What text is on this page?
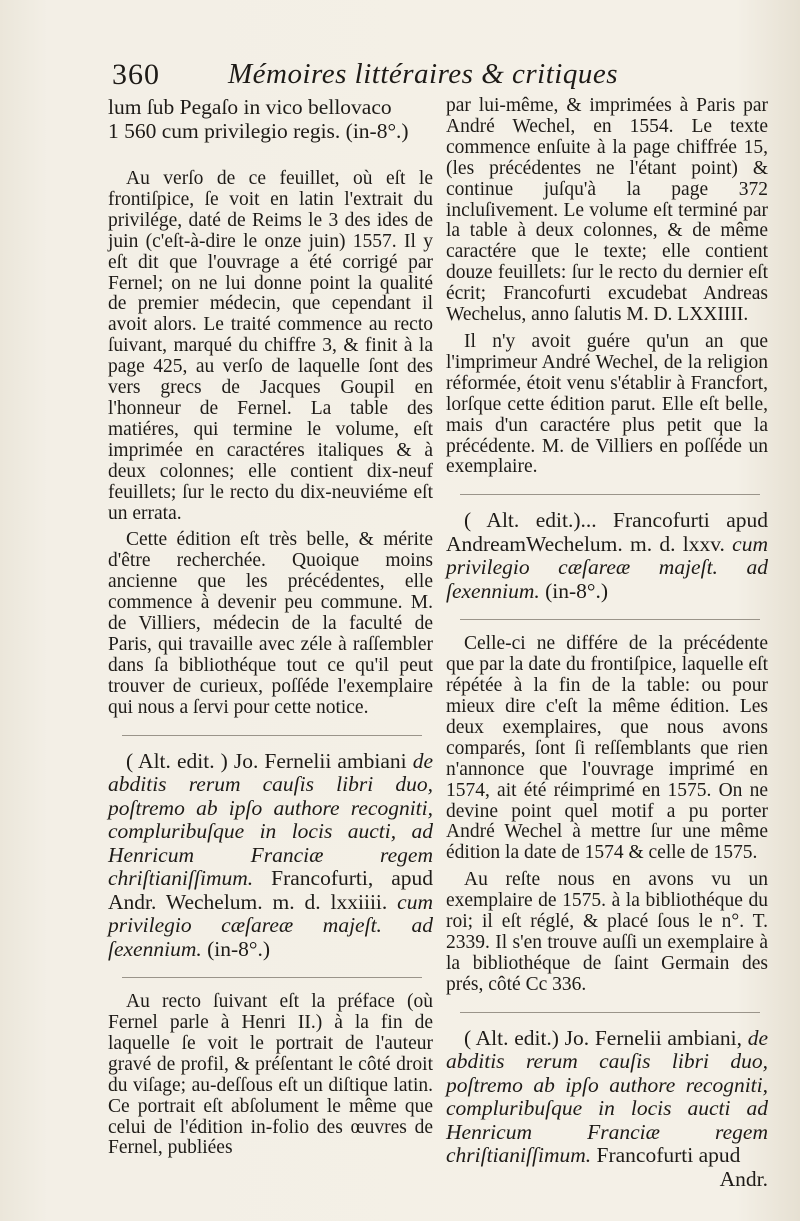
360 Mémoires littéraires & critiques

lum ſub Pegaſo in vico bellovaco
1 560 cum privilegio regis. (in-8°.)

Au verſo de ce feuillet, où eſt le frontiſpice, ſe voit en latin l'extrait du privilége, daté de Reims le 3 des ides de juin (c'eſt-à-dire le onze juin) 1557. Il y eſt dit que l'ouvrage a été corrigé par Fernel; on ne lui donne point la qualité de premier médecin, que cependant il avoit alors. Le traité commence au recto ſuivant, marqué du chiffre 3, & finit à la page 425, au verſo de laquelle ſont des vers grecs de Jacques Goupil en l'honneur de Fernel. La table des matiéres, qui termine le volume, eſt imprimée en caractéres italiques & à deux colonnes; elle contient dix-neuf feuillets; ſur le recto du dix-neuviéme eſt un errata.

Cette édition eſt très belle, & mérite d'être recherchée. Quoique moins ancienne que les précédentes, elle commence à devenir peu commune. M. de Villiers, médecin de la faculté de Paris, qui travaille avec zéle à raſſembler dans ſa bibliothéque tout ce qu'il peut trouver de curieux, poſſéde l'exemplaire qui nous a ſervi pour cette notice.

( Alt. edit. ) Jo. Fernelii ambiani de abditis rerum cauſis libri duo, poſtremo ab ipſo authore recogniti, compluribuſque in locis aucti, ad Henricum Franciæ regem chriſtianiſſimum. Francofurti, apud Andr. Wechelum. m. d. lxxiiii. cum privilegio cæſareæ majeſt. ad ſexennium. (in-8°.)

Au recto ſuivant eſt la préface (où Fernel parle à Henri II.) à la fin de laquelle ſe voit le portrait de l'auteur gravé de profil, & préſentant le côté droit du viſage; au-deſſous eſt un diſtique latin. Ce portrait eſt abſolument le même que celui de l'édition in-folio des œuvres de Fernel, publiées

par lui-même, & imprimées à Paris par André Wechel, en 1554. Le texte commence enſuite à la page chiffrée 15, (les précédentes ne l'étant point) & continue juſqu'à la page 372 incluſivement. Le volume eſt terminé par la table à deux colonnes, & de même caractére que le texte; elle contient douze feuillets: ſur le recto du dernier eſt écrit; Francofurti excudebat Andreas Wechelus, anno ſalutis M. D. LXXIIII.

Il n'y avoit guére qu'un an que l'imprimeur André Wechel, de la religion réformée, étoit venu s'établir à Francfort, lorſque cette édition parut. Elle eſt belle, mais d'un caractére plus petit que la précédente. M. de Villiers en poſſéde un exemplaire.

( Alt. edit.)... Francofurti apud AndreamWechelum. m. d. lxxv. cum privilegio cæſareæ majeſt. ad ſexennium. (in-8°.)

Celle-ci ne différe de la précédente que par la date du frontiſpice, laquelle eſt répétée à la fin de la table: ou pour mieux dire c'eſt la même édition. Les deux exemplaires, que nous avons comparés, ſont ſi reſſemblants que rien n'annonce que l'ouvrage imprimé en 1574, ait été réimprimé en 1575. On ne devine point quel motif a pu porter André Wechel à mettre ſur une même édition la date de 1574 & celle de 1575.

Au reſte nous en avons vu un exemplaire de 1575. à la bibliothéque du roi; il eſt réglé, & placé ſous le n°. T. 2339. Il s'en trouve auſſi un exemplaire à la bibliothéque de ſaint Germain des prés, côté Cc 336.

( Alt. edit.) Jo. Fernelii ambiani, de abditis rerum cauſis libri duo, poſtremo ab ipſo authore recogniti, compluribuſque in locis aucti ad Henricum Franciæ regem chriſtianiſſimum. Francofurti apud

Andr.
